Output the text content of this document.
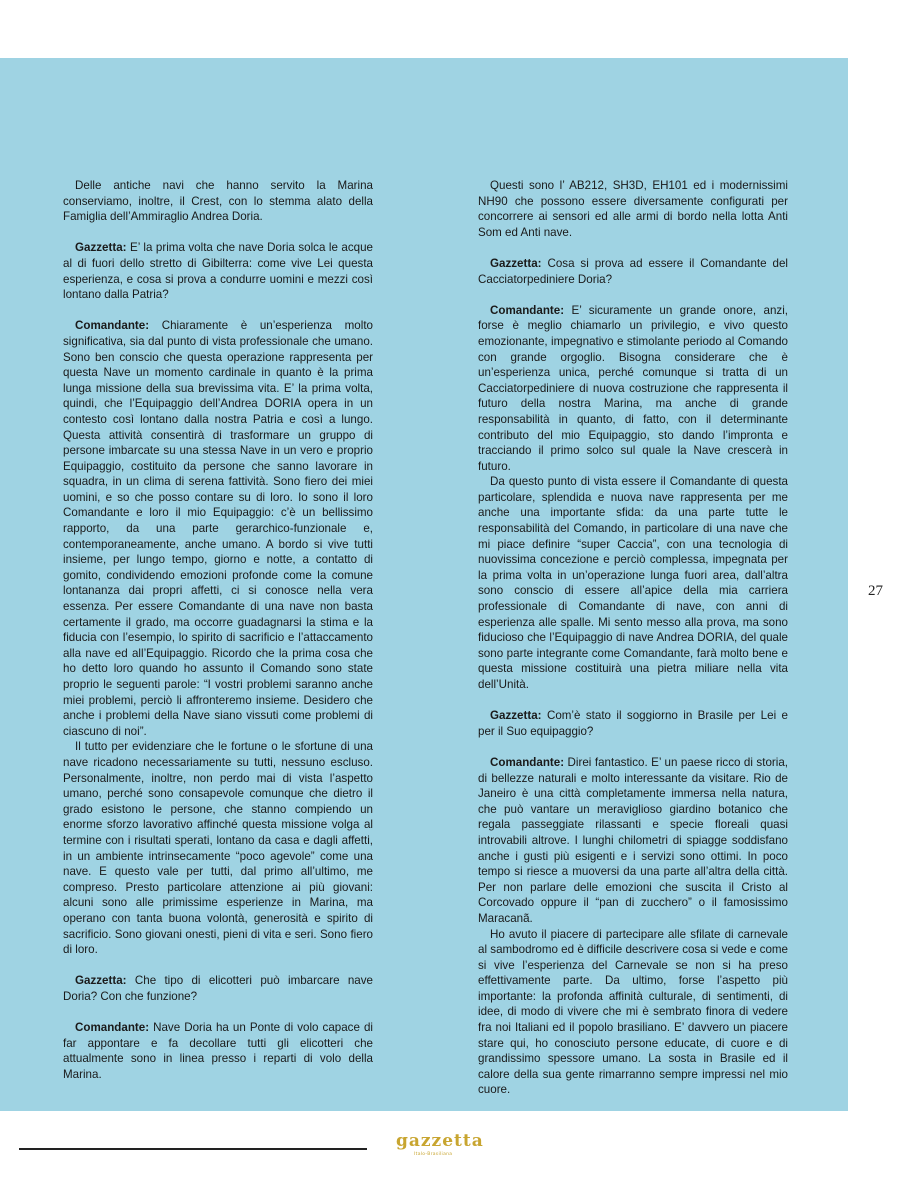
Delle antiche navi che hanno servito la Marina conserviamo, inoltre, il Crest, con lo stemma alato della Famiglia dell’Ammiraglio Andrea Doria.

Gazzetta: E’ la prima volta che nave Doria solca le acque al di fuori dello stretto di Gibilterra: come vive Lei questa esperienza, e cosa si prova a condurre uomini e mezzi così lontano dalla Patria?

Comandante: Chiaramente è un’esperienza molto significativa, sia dal punto di vista professionale che umano. Sono ben conscio che questa operazione rappresenta per questa Nave un momento cardinale in quanto è la prima lunga missione della sua brevissima vita. E’ la prima volta, quindi, che l’Equipaggio dell’Andrea DORIA opera in un contesto così lontano dalla nostra Patria e così a lungo. Questa attività consentirà di trasformare un gruppo di persone imbarcate su una stessa Nave in un vero e proprio Equipaggio, costituito da persone che sanno lavorare in squadra, in un clima di serena fattività. Sono fiero dei miei uomini, e so che posso contare su di loro. Io sono il loro Comandante e loro il mio Equipaggio: c’è un bellissimo rapporto, da una parte gerarchico-funzionale e, contemporaneamente, anche umano. A bordo si vive tutti insieme, per lungo tempo, giorno e notte, a contatto di gomito, condividendo emozioni profonde come la comune lontananza dai propri affetti, ci si conosce nella vera essenza. Per essere Comandante di una nave non basta certamente il grado, ma occorre guadagnarsi la stima e la fiducia con l’esempio, lo spirito di sacrificio e l’attaccamento alla nave ed all’Equipaggio. Ricordo che la prima cosa che ho detto loro quando ho assunto il Comando sono state proprio le seguenti parole: “I vostri problemi saranno anche miei problemi, perciò li affronteremo insieme. Desidero che anche i problemi della Nave siano vissuti come problemi di ciascuno di noi”.

Il tutto per evidenziare che le fortune o le sfortune di una nave ricadono necessariamente su tutti, nessuno escluso. Personalmente, inoltre, non perdo mai di vista l’aspetto umano, perché sono consapevole comunque che dietro il grado esistono le persone, che stanno compiendo un enorme sforzo lavorativo affinché questa missione volga al termine con i risultati sperati, lontano da casa e dagli affetti, in un ambiente intrinsecamente “poco agevole” come una nave. E questo vale per tutti, dal primo all’ultimo, me compreso. Presto particolare attenzione ai più giovani: alcuni sono alle primissime esperienze in Marina, ma operano con tanta buona volontà, generosità e spirito di sacrificio. Sono giovani onesti, pieni di vita e seri. Sono fiero di loro.

Gazzetta: Che tipo di elicotteri può imbarcare nave Doria? Con che funzione?

Comandante: Nave Doria ha un Ponte di volo capace di far appontare e fa decollare tutti gli elicotteri che attualmente sono in linea presso i reparti di volo della Marina.

Questi sono l’ AB212, SH3D, EH101 ed i modernissimi NH90 che possono essere diversamente configurati per concorrere ai sensori ed alle armi di bordo nella lotta Anti Som ed Anti nave.

Gazzetta: Cosa si prova ad essere il Comandante del Cacciatorpediniere Doria?

Comandante: E’ sicuramente un grande onore, anzi, forse è meglio chiamarlo un privilegio, e vivo questo emozionante, impegnativo e stimolante periodo al Comando con grande orgoglio. Bisogna considerare che è un’esperienza unica, perché comunque si tratta di un Cacciatorpediniere di nuova costruzione che rappresenta il futuro della nostra Marina, ma anche di grande responsabilità in quanto, di fatto, con il determinante contributo del mio Equipaggio, sto dando l’impronta e tracciando il primo solco sul quale la Nave crescerà in futuro.

Da questo punto di vista essere il Comandante di questa particolare, splendida e nuova nave rappresenta per me anche una importante sfida: da una parte tutte le responsabilità del Comando, in particolare di una nave che mi piace definire “super Caccia”, con una tecnologia di nuovissima concezione e perciò complessa, impegnata per la prima volta in un’operazione lunga fuori area, dall’altra sono conscio di essere all’apice della mia carriera professionale di Comandante di nave, con anni di esperienza alle spalle. Mi sento messo alla prova, ma sono fiducioso che l’Equipaggio di nave Andrea DORIA, del quale sono parte integrante come Comandante, farà molto bene e questa missione costituirà una pietra miliare nella vita dell’Unità.

Gazzetta: Com’è stato il soggiorno in Brasile per Lei e per il Suo equipaggio?

Comandante: Direi fantastico. E’ un paese ricco di storia, di bellezze naturali e molto interessante da visitare. Rio de Janeiro è una città completamente immersa nella natura, che può vantare un meraviglioso giardino botanico che regala passeggiate rilassanti e specie floreali quasi introvabili altrove. I lunghi chilometri di spiagge soddisfano anche i gusti più esigenti e i servizi sono ottimi. In poco tempo si riesce a muoversi da una parte all’altra della città. Per non parlare delle emozioni che suscita il Cristo al Corcovado oppure il “pan di zucchero” o il famosissimo Maracanã.

Ho avuto il piacere di partecipare alle sfilate di carnevale al sambodromo ed è difficile descrivere cosa si vede e come si vive l’esperienza del Carnevale se non si ha preso effettivamente parte. Da ultimo, forse l’aspetto più importante: la profonda affinità culturale, di sentimenti, di idee, di modo di vivere che mi è sembrato finora di vedere fra noi Italiani ed il popolo brasiliano. E’ davvero un piacere stare qui, ho conosciuto persone educate, di cuore e di grandissimo spessore umano. La sosta in Brasile ed il calore della sua gente rimarranno sempre impressi nel mio cuore.

27
gazzetta
Italo-Brasiliana
